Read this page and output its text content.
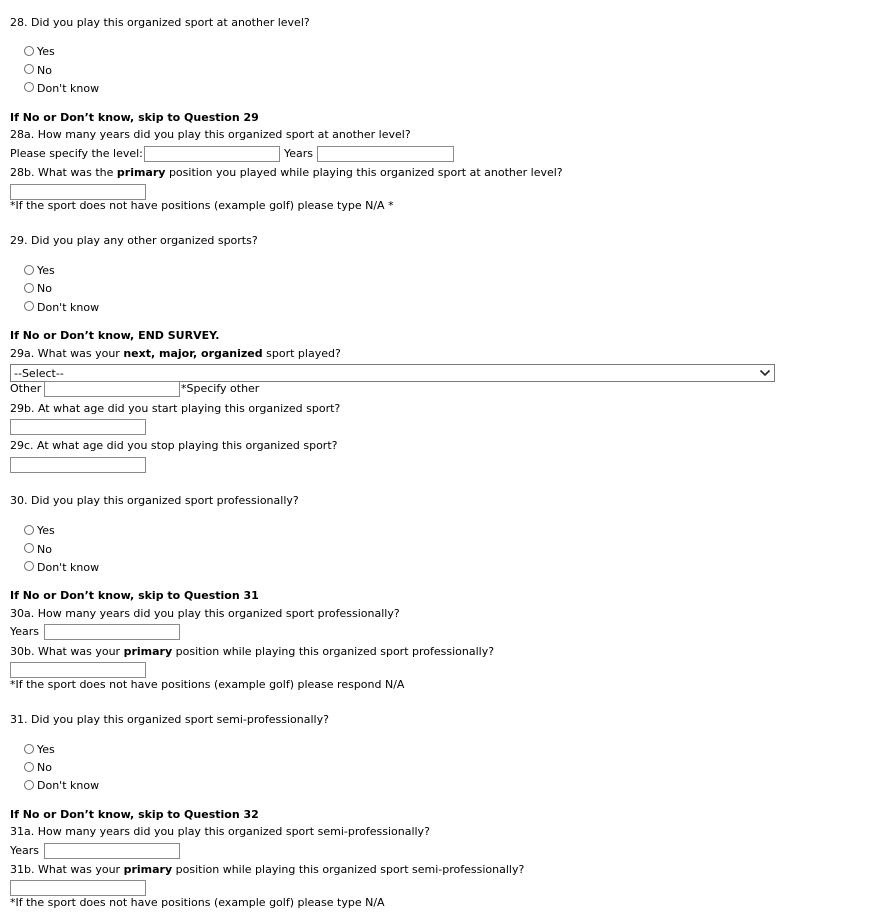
28. Did you play this organized sport at another level?
Yes
No
Don't know
If No or Don’t know, skip to Question 29
28a. How many years did you play this organized sport at another level?
Please specify the level:	Years
28b. What was the primary position you played while playing this organized sport at another level?
*If the sport does not have positions (example golf) please type N/A *
29. Did you play any other organized sports?
Yes
No
Don't know
If No or Don’t know, END SURVEY.
29a. What was your next, major, organized sport played?
--Select--
Other	*Specify other
29b. At what age did you start playing this organized sport?
29c. At what age did you stop playing this organized sport?
30. Did you play this organized sport professionally?
Yes
No
Don't know
If No or Don’t know, skip to Question 31
30a. How many years did you play this organized sport professionally?
Years
30b. What was your primary position while playing this organized sport professionally?
*If the sport does not have positions (example golf) please respond N/A
31. Did you play this organized sport semi-professionally?
Yes
No
Don't know
If No or Don’t know, skip to Question 32
31a. How many years did you play this organized sport semi-professionally?
Years
31b. What was your primary position while playing this organized sport semi-professionally?
*If the sport does not have positions (example golf) please type N/A
